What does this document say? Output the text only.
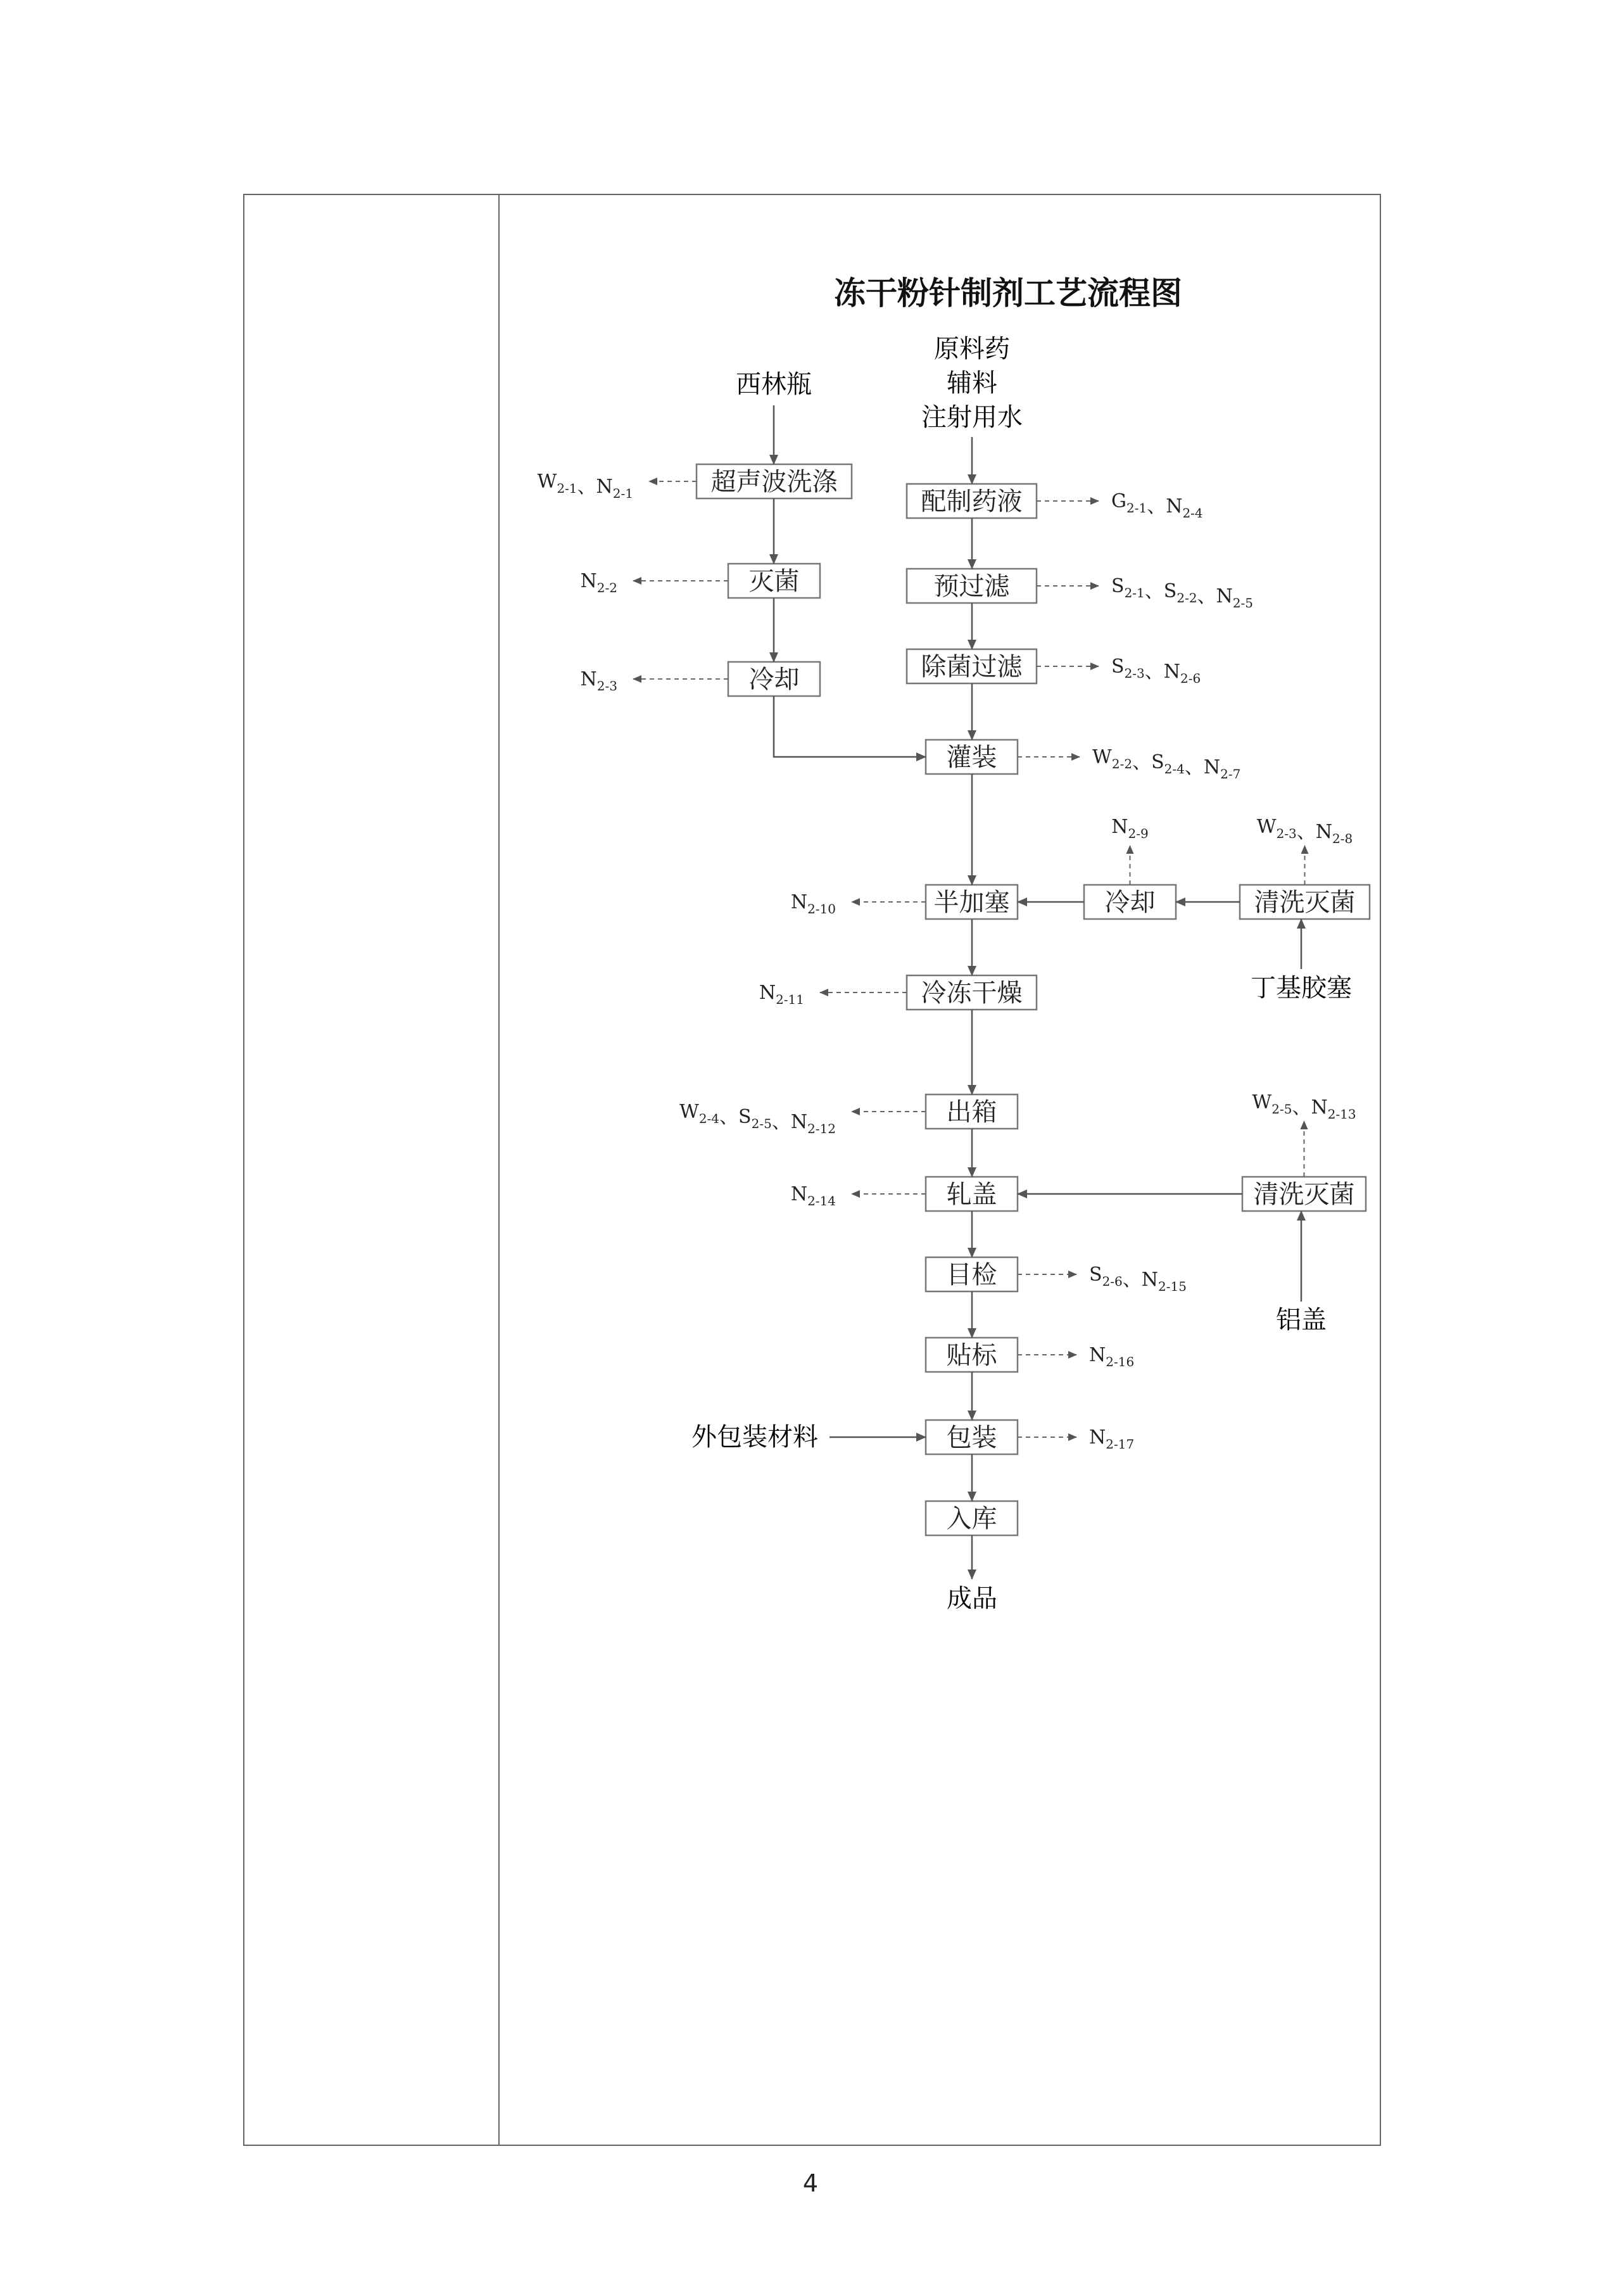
冻干粉针制剂工艺流程图
西林瓶
原料药
辅料
注射用水
丁基胶塞
铝盖
外包装材料
成品
超声波洗涤
灭菌
冷却
配制药液
预过滤
除菌过滤
灌装
半加塞	冷却	清洗灭菌
冷冻干燥
出箱
轧盖	清洗灭菌
目检
贴标
包装
入库
$W_{2-1}$、$N_{2-1}$
$N_{2-2}$
$N_{2-3}$
$G_{2-1}$、$N_{2-4}$
$S_{2-1}$、$S_{2-2}$、$N_{2-5}$
$S_{2-3}$、$N_{2-6}$
$W_{2-2}$、$S_{2-4}$、$N_{2-7}$
$N_{2-9}$	$W_{2-3}$、$N_{2-8}$
$N_{2-10}$
$N_{2-11}$
$W_{2-4}$、$S_{2-5}$、$N_{2-12}$
$W_{2-5}$、$N_{2-13}$
$N_{2-14}$
$S_{2-6}$、$N_{2-15}$
$N_{2-16}$
$N_{2-17}$
4
